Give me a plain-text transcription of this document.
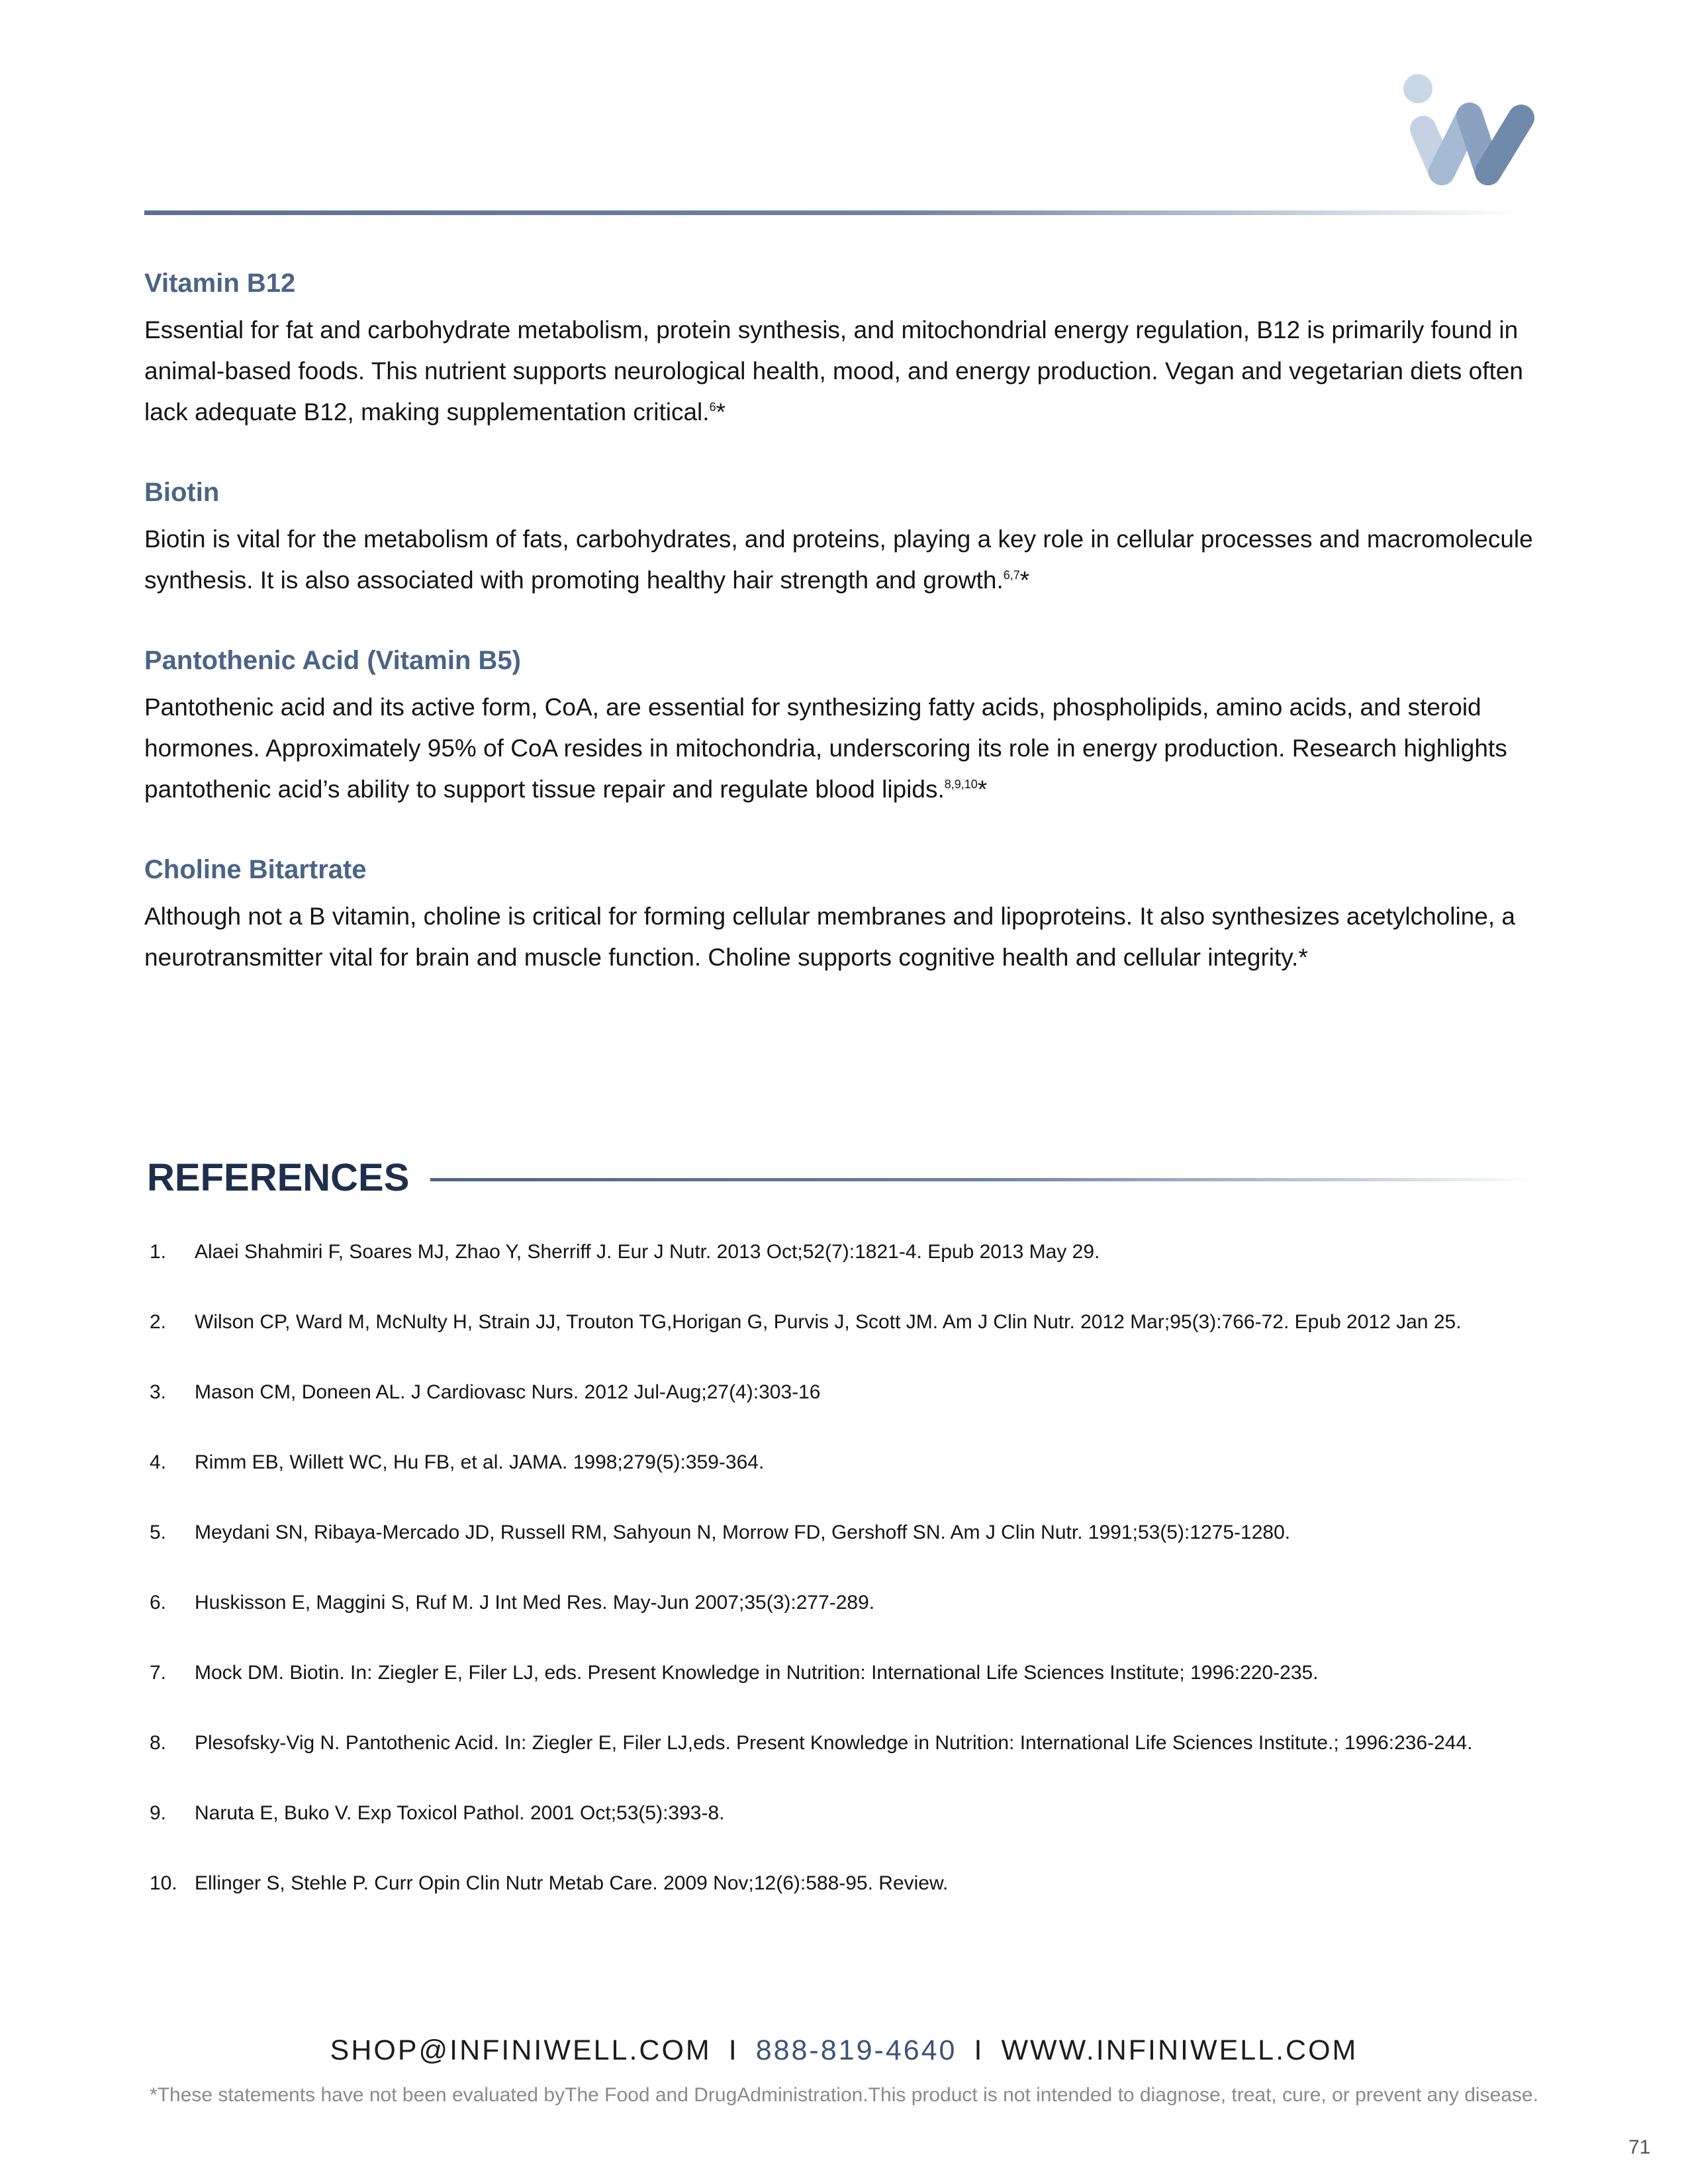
Vitamin B12

Essential for fat and carbohydrate metabolism, protein synthesis, and mitochondrial energy regulation, B12 is primarily found in animal-based foods. This nutrient supports neurological health, mood, and energy production. Vegan and vegetarian diets often lack adequate B12, making supplementation critical.$^6$*

Biotin

Biotin is vital for the metabolism of fats, carbohydrates, and proteins, playing a key role in cellular processes and macromolecule synthesis. It is also associated with promoting healthy hair strength and growth.$^{6,7}$*

Pantothenic Acid (Vitamin B5)

Pantothenic acid and its active form, CoA, are essential for synthesizing fatty acids, phospholipids, amino acids, and steroid hormones. Approximately 95% of CoA resides in mitochondria, underscoring its role in energy production. Research highlights pantothenic acid’s ability to support tissue repair and regulate blood lipids.$^{8,9,10}$*

Choline Bitartrate

Although not a B vitamin, choline is critical for forming cellular membranes and lipoproteins. It also synthesizes acetylcholine, a neurotransmitter vital for brain and muscle function. Choline supports cognitive health and cellular integrity.*

REFERENCES
1. Alaei Shahmiri F, Soares MJ, Zhao Y, Sherriff J. Eur J Nutr. 2013 Oct;52(7):1821-4. Epub 2013 May 29.
2. Wilson CP, Ward M, McNulty H, Strain JJ, Trouton TG,Horigan G, Purvis J, Scott JM. Am J Clin Nutr. 2012 Mar;95(3):766-72. Epub 2012 Jan 25.
3. Mason CM, Doneen AL. J Cardiovasc Nurs. 2012 Jul-Aug;27(4):303-16
4. Rimm EB, Willett WC, Hu FB, et al. JAMA. 1998;279(5):359-364.
5. Meydani SN, Ribaya-Mercado JD, Russell RM, Sahyoun N, Morrow FD, Gershoff SN. Am J Clin Nutr. 1991;53(5):1275-1280.
6. Huskisson E, Maggini S, Ruf M. J Int Med Res. May-Jun 2007;35(3):277-289.
7. Mock DM. Biotin. In: Ziegler E, Filer LJ, eds. Present Knowledge in Nutrition: International Life Sciences Institute; 1996:220-235.
8. Plesofsky-Vig N. Pantothenic Acid. In: Ziegler E, Filer LJ,eds. Present Knowledge in Nutrition: International Life Sciences Institute.; 1996:236-244.
9. Naruta E, Buko V. Exp Toxicol Pathol. 2001 Oct;53(5):393-8.
10. Ellinger S, Stehle P. Curr Opin Clin Nutr Metab Care. 2009 Nov;12(6):588-95. Review.
SHOP@INFINIWELL.COM I 888-819-4640 I WWW.INFINIWELL.COM
*These statements have not been evaluated byThe Food and DrugAdministration.This product is not intended to diagnose, treat, cure, or prevent any disease.
71
